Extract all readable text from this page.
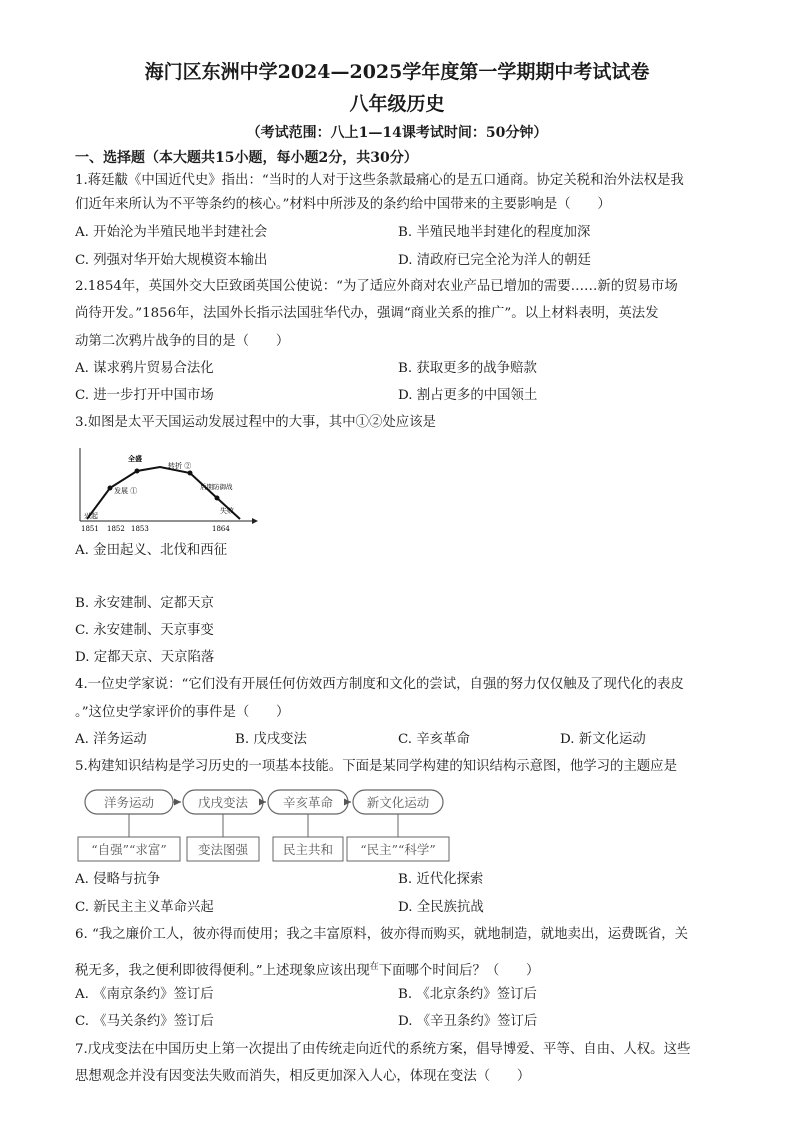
海门区东洲中学2024—2025学年度第一学期期中考试试卷
八年级历史
（考试范围：八上1—14课考试时间：50分钟）
一、选择题（本大题共15小题，每小题2分，共30分）
1.蒋廷黻《中国近代史》指出：“当时的人对于这些条款最痛心的是五口通商。协定关税和治外法权是我
们近年来所认为不平等条约的核心。”材料中所涉及的条约给中国带来的主要影响是（　　）
A. 开始沦为半殖民地半封建社会	B. 半殖民地半封建化的程度加深
C. 列强对华开始大规模资本输出	D. 清政府已完全沦为洋人的朝廷
2.1854年，英国外交大臣致函英国公使说：“为了适应外商对农业产品已增加的需要……新的贸易市场
尚待开发。”1856年，法国外长指示法国驻华代办，强调“商业关系的推广”。以上材料表明，英法发
动第二次鸦片战争的目的是（　　）
A. 谋求鸦片贸易合法化	B. 获取更多的战争赔款
C. 进一步打开中国市场	D. 割占更多的中国领土
3.如图是太平天国运动发展过程中的大事，其中①②处应该是
兴起
发展 ①
全盛
转折 ②
后期防御战
失败
1851 1852 1853	1864
A. 金田起义、北伐和西征
B. 永安建制、定都天京
C. 永安建制、天京事变
D. 定都天京、天京陷落
4.一位史学家说：“它们没有开展任何仿效西方制度和文化的尝试，自强的努力仅仅触及了现代化的表皮
。”这位史学家评价的事件是（　　）
A. 洋务运动	B. 戊戌变法	C. 辛亥革命	D. 新文化运动
5.构建知识结构是学习历史的一项基本技能。下面是某同学构建的知识结构示意图，他学习的主题应是
洋务运动	戊戌变法	辛亥革命	新文化运动
“自强”“求富” 变法图强	民主共和 “民主”“科学”
A. 侵略与抗争	B. 近代化探索
C. 新民主主义革命兴起	D. 全民族抗战
6. “我之廉价工人，彼亦得而使用；我之丰富原料，彼亦得而购买，就地制造，就地卖出，运费既省，关
税无多，我之便利即彼得便利。”上述现象应该出现$^在$下面哪个时间后？（　　）
A. 《南京条约》签订后	B. 《北京条约》签订后
C. 《马关条约》签订后	D. 《辛丑条约》签订后
7.戊戌变法在中国历史上第一次提出了由传统走向近代的系统方案，倡导博爱、平等、自由、人权。这些
思想观念并没有因变法失败而消失，相反更加深入人心，体现在变法（　　）
